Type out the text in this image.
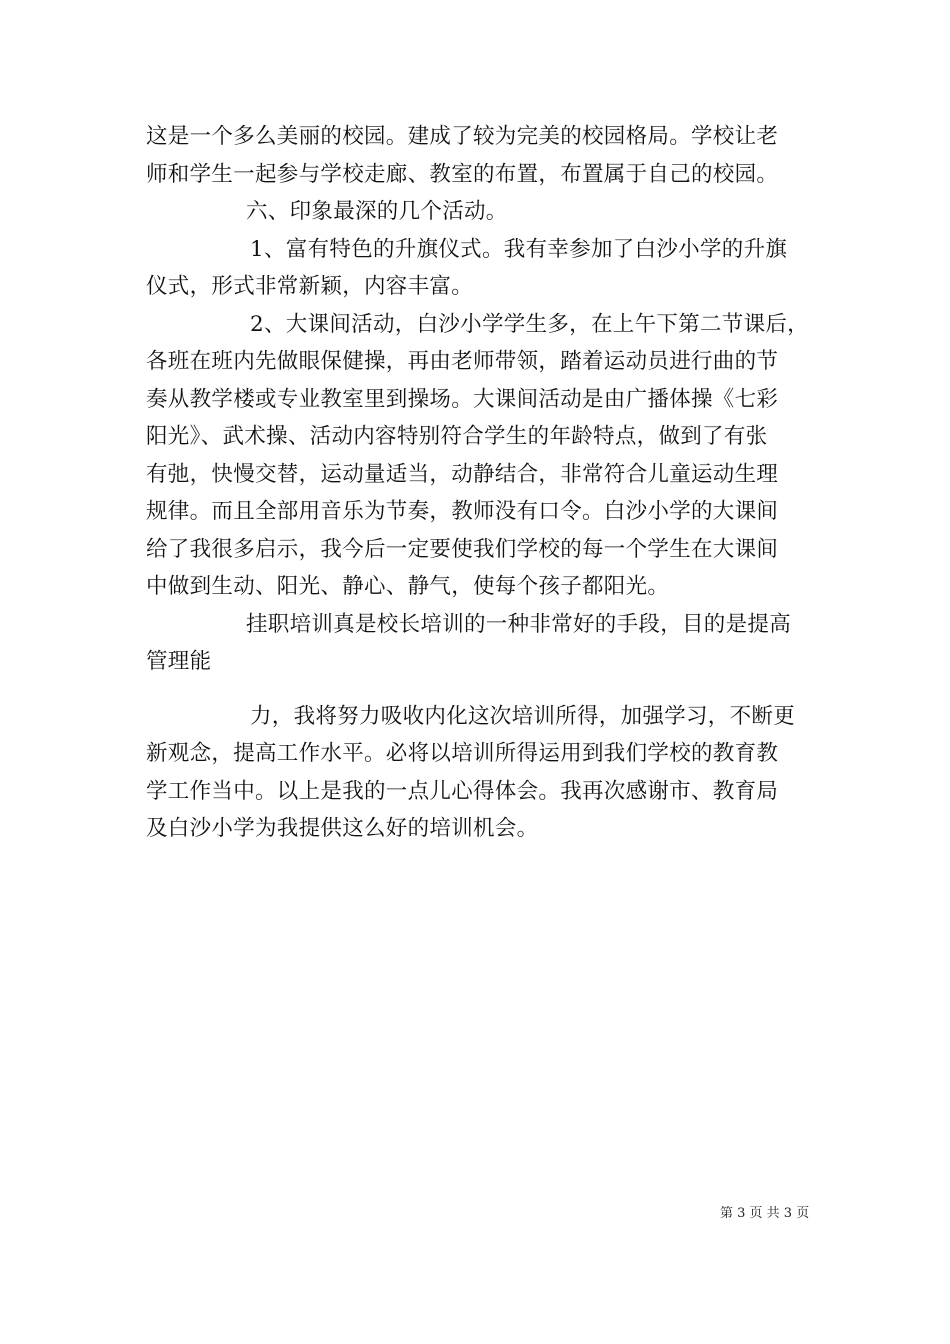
这是一个多么美丽的校园。建成了较为完美的校园格局。学校让老
师和学生一起参与学校走廊、教室的布置，布置属于自己的校园。
六、印象最深的几个活动。
1、富有特色的升旗仪式。我有幸参加了白沙小学的升旗
仪式，形式非常新颖，内容丰富。
2、大课间活动，白沙小学学生多，在上午下第二节课后，
各班在班内先做眼保健操，再由老师带领，踏着运动员进行曲的节
奏从教学楼或专业教室里到操场。大课间活动是由广播体操《七彩
阳光》、武术操、活动内容特别符合学生的年龄特点，做到了有张
有弛，快慢交替，运动量适当，动静结合，非常符合儿童运动生理
规律。而且全部用音乐为节奏，教师没有口令。白沙小学的大课间
给了我很多启示，我今后一定要使我们学校的每一个学生在大课间
中做到生动、阳光、静心、静气，使每个孩子都阳光。
挂职培训真是校长培训的一种非常好的手段，目的是提高
管理能
力，我将努力吸收内化这次培训所得，加强学习，不断更
新观念，提高工作水平。必将以培训所得运用到我们学校的教育教
学工作当中。以上是我的一点儿心得体会。我再次感谢市、教育局
及白沙小学为我提供这么好的培训机会。
第 3 页 共 3 页
